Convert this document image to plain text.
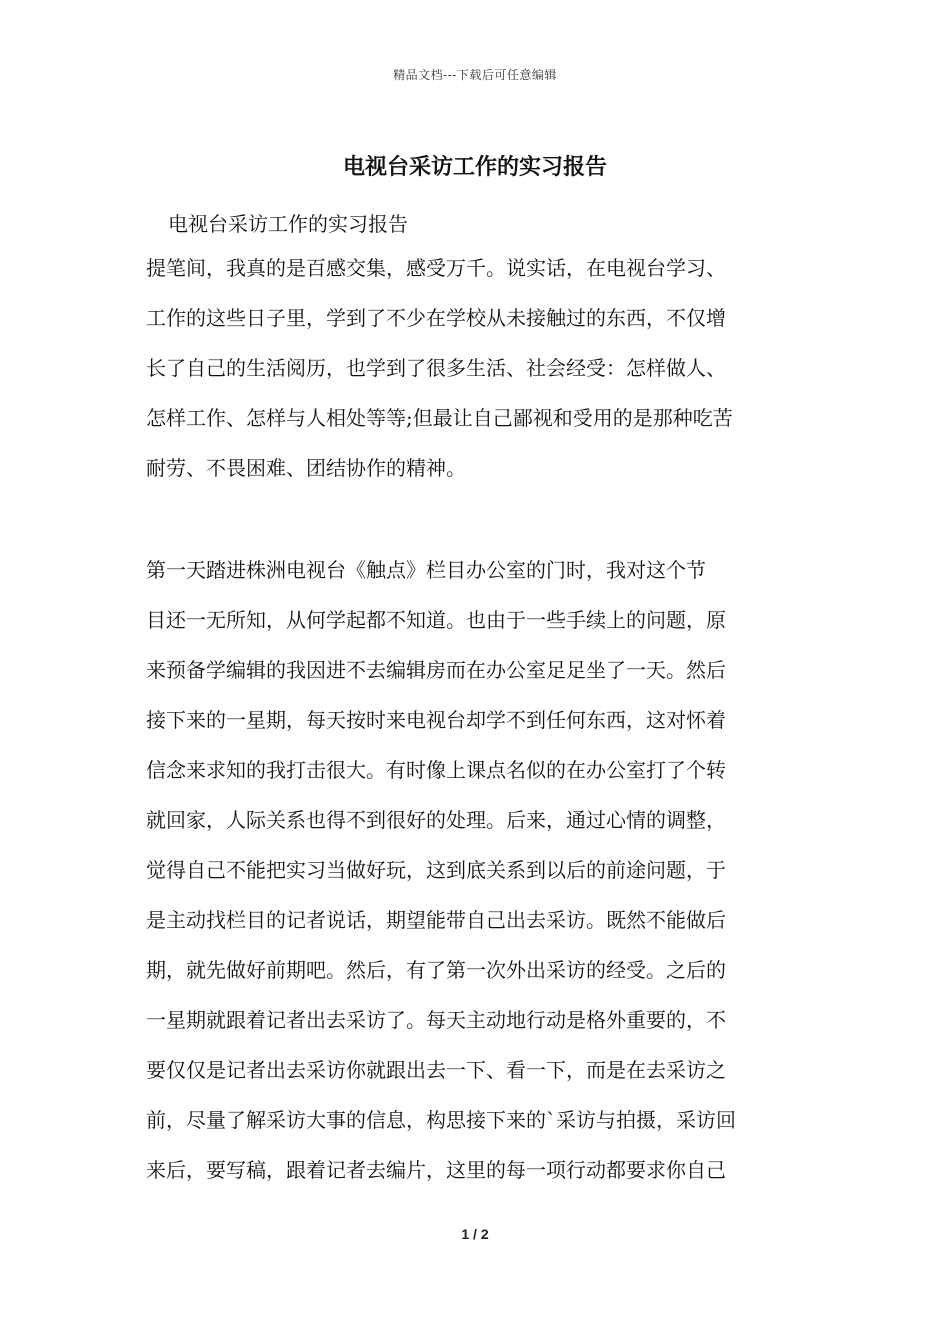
精品文档---下载后可任意编辑
电视台采访工作的实习报告
电视台采访工作的实习报告
提笔间，我真的是百感交集，感受万千。说实话，在电视台学习、
工作的这些日子里，学到了不少在学校从未接触过的东西，不仅增
长了自己的生活阅历，也学到了很多生活、社会经受：怎样做人、
怎样工作、怎样与人相处等等;但最让自己鄙视和受用的是那种吃苦
耐劳、不畏困难、团结协作的精神。
第一天踏进株洲电视台《触点》栏目办公室的门时，我对这个节
目还一无所知，从何学起都不知道。也由于一些手续上的问题，原
来预备学编辑的我因进不去编辑房而在办公室足足坐了一天。然后
接下来的一星期，每天按时来电视台却学不到任何东西，这对怀着
信念来求知的我打击很大。有时像上课点名似的在办公室打了个转
就回家，人际关系也得不到很好的处理。后来，通过心情的调整，
觉得自己不能把实习当做好玩，这到底关系到以后的前途问题，于
是主动找栏目的记者说话，期望能带自己出去采访。既然不能做后
期，就先做好前期吧。然后，有了第一次外出采访的经受。之后的
一星期就跟着记者出去采访了。每天主动地行动是格外重要的，不
要仅仅是记者出去采访你就跟出去一下、看一下，而是在去采访之
前，尽量了解采访大事的信息，构思接下来的`采访与拍摄，采访回
来后，要写稿，跟着记者去编片，这里的每一项行动都要求你自己
1 / 2
